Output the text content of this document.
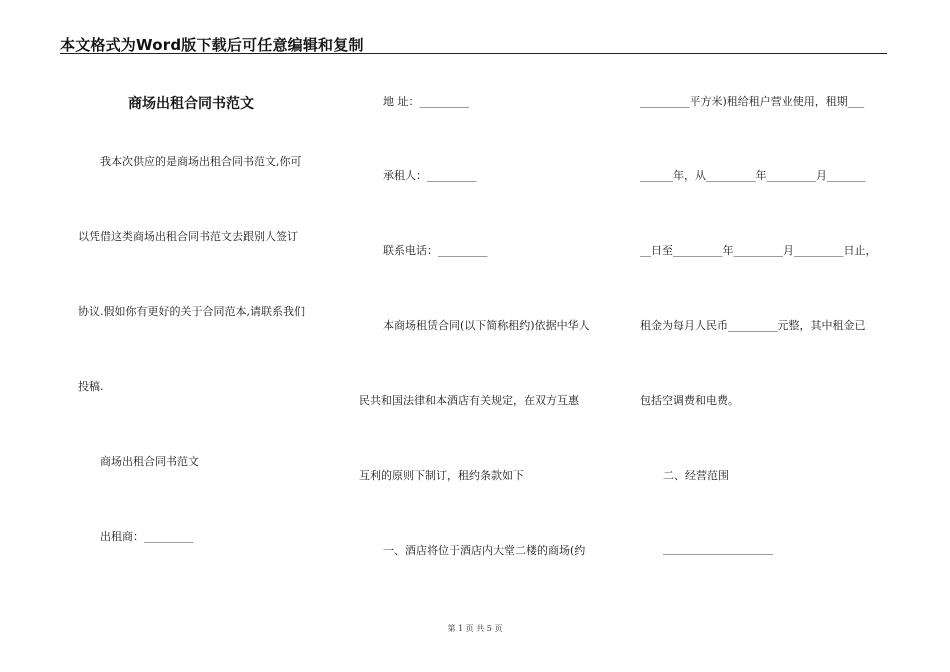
本文格式为Word版下载后可任意编辑和复制
商场出租合同书范文
我本次供应的是商场出租合同书范文,你可
以凭借这类商场出租合同书范文去跟别人签订
协议.假如你有更好的关于合同范本,请联系我们
投稿.
商场出租合同书范文
出租商：_________
地 址：_________
承租人：_________
联系电话：_________
本商场租赁合同(以下简称租约)依据中华人
民共和国法律和本酒店有关规定，在双方互惠
互利的原则下制订，租约条款如下
一、酒店将位于酒店内大堂二楼的商场(约
_________平方米)租给租户营业使用，租期___
______年，从_________年_________月_______
__日至_________年_________月_________日止，
租金为每月人民币_________元整，其中租金已
包括空调费和电费。
二、经营范围
____________________
第 1 页 共 5 页
